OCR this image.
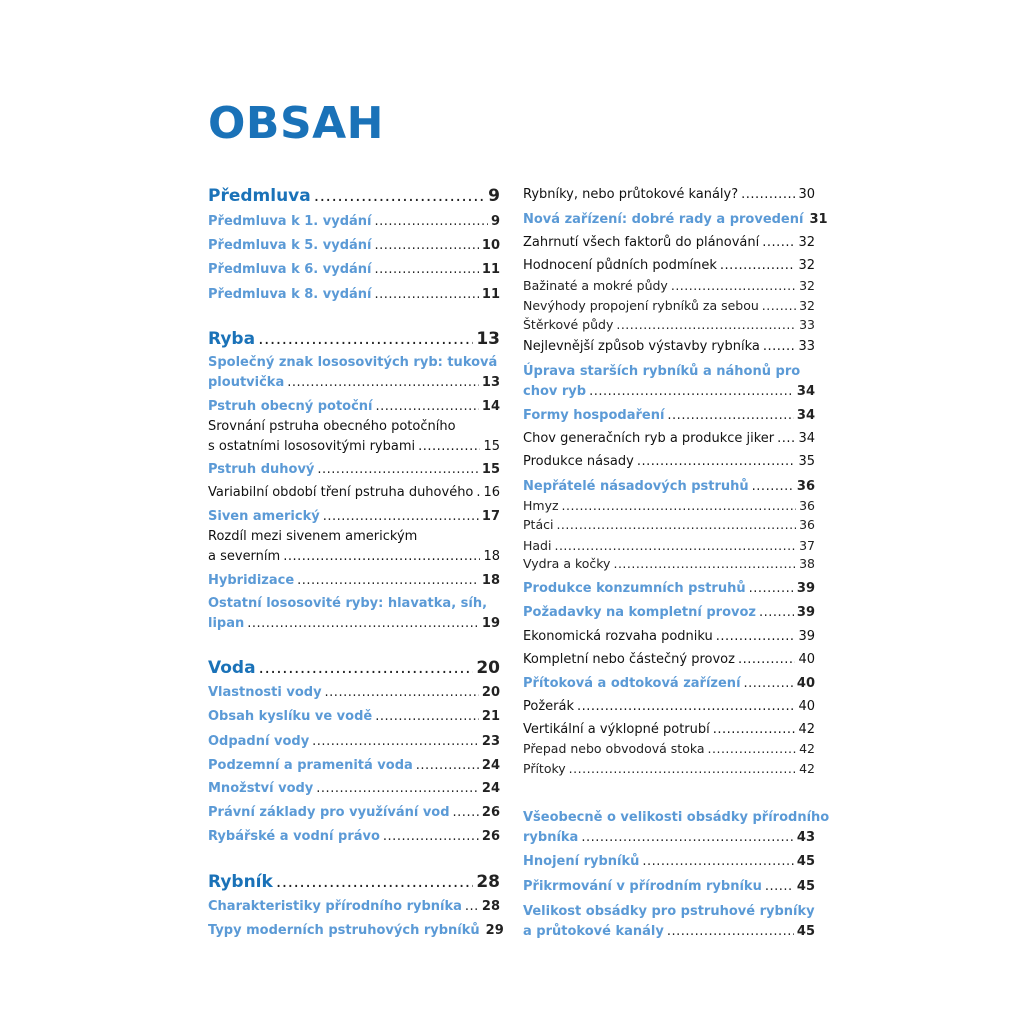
OBSAH
Předmluva .....	9
Předmluva k 1. vydání .....	9
Předmluva k 5. vydání .....	10
Předmluva k 6. vydání .....	11
Předmluva k 8. vydání .....	11
Ryba .....	13
Společný znak lososovitých ryb: tuková
ploutvička .....	13
Pstruh obecný potoční .....	14
Srovnání pstruha obecného potočního
s ostatními lososovitými rybami .....	15
Pstruh duhový .....	15
Variabilní období tření pstruha duhového ..... 16
Siven americký .....	17
Rozdíl mezi sivenem americkým
a severním .....	18
Hybridizace .....	18
Ostatní lososovité ryby: hlavatka, síh,
lipan .....	19
Voda .....	20
Vlastnosti vody .....	20
Obsah kyslíku ve vodě .....	21
Odpadní vody .....	23
Podzemní a pramenitá voda .....	24
Množství vody .....	24
Právní základy pro využívání vod ..... 26
Rybářské a vodní právo .....	26
Rybník .....	28
Charakteristiky přírodního rybníka ..... 28
Typy moderních pstruhových rybníků 29
Rybníky, nebo průtokové kanály? .....	30
Nová zařízení: dobré rady a provedení 31
Zahrnutí všech faktorů do plánování .....	32
Hodnocení půdních podmínek .....	32
Bažinaté a mokré půdy .....	32
Nevýhody propojení rybníků za sebou .....	32
Štěrkové půdy .....	33
Nejlevnější způsob výstavby rybníka .....	33
Úprava starších rybníků a náhonů pro
chov ryb .....	34
Formy hospodaření .....	34
Chov generačních ryb a produkce jiker ..... 34
Produkce násady .....	35
Nepřátelé násadových pstruhů .....	36
Hmyz .....	36
Ptáci .....	36
Hadi .....	37
Vydra a kočky .....	38
Produkce konzumních pstruhů .....	39
Požadavky na kompletní provoz .....	39
Ekonomická rozvaha podniku .....	39
Kompletní nebo částečný provoz .....	40
Přítoková a odtoková zařízení .....	40
Požerák .....	40
Vertikální a výklopné potrubí .....	42
Přepad nebo obvodová stoka .....	42
Přítoky .....	42
Všeobecně o velikosti obsádky přírodního
rybníka .....	43
Hnojení rybníků .....	45
Přikrmování v přírodním rybníku .....	45
Velikost obsádky pro pstruhové rybníky
a průtokové kanály .....	45
